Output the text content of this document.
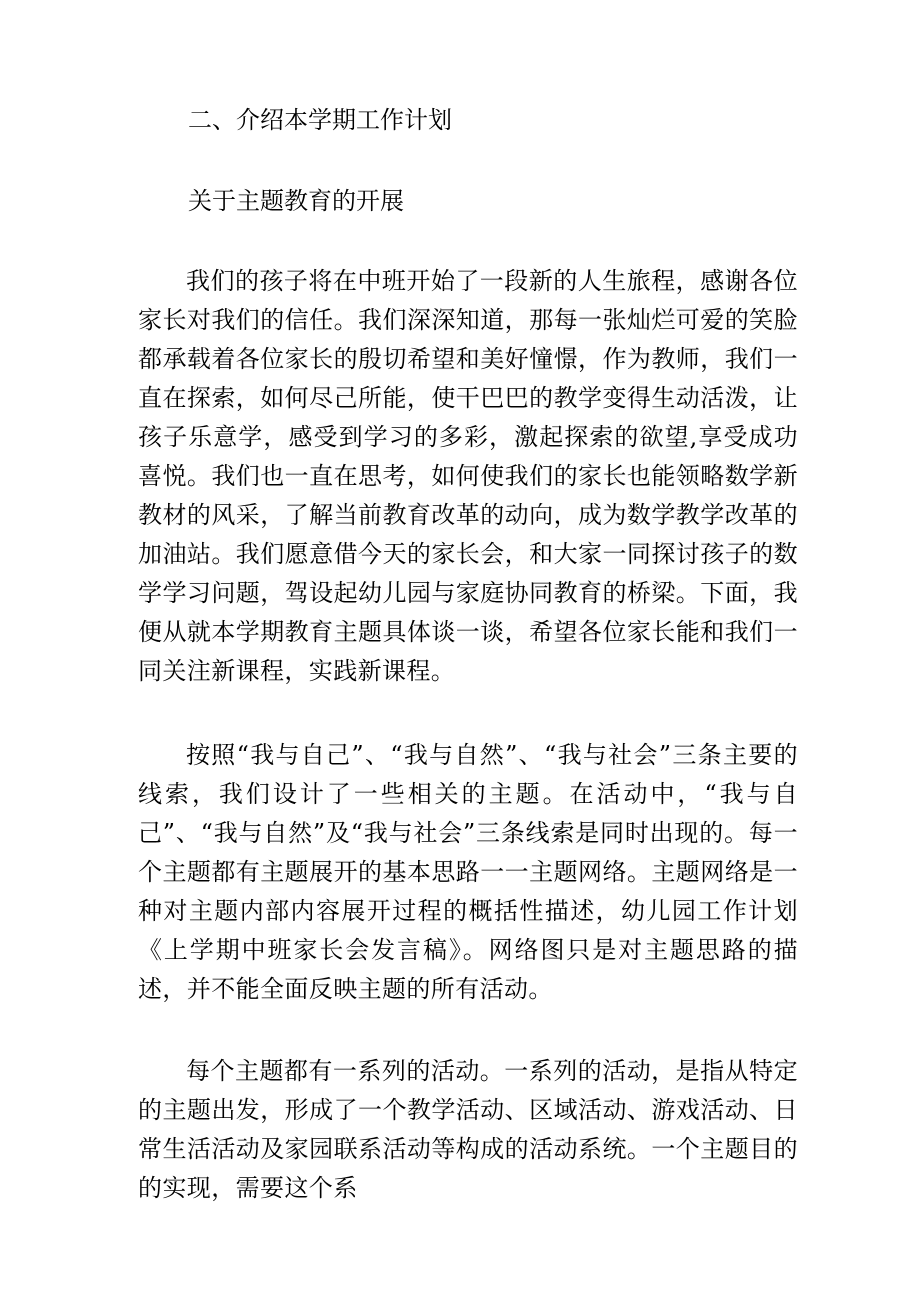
二、介绍本学期工作计划

关于主题教育的开展

我们的孩子将在中班开始了一段新的人生旅程，感谢各位家长对我们的信任。我们深深知道，那每一张灿烂可爱的笑脸都承载着各位家长的殷切希望和美好憧憬，作为教师，我们一直在探索，如何尽己所能，使干巴巴的教学变得生动活泼，让孩子乐意学，感受到学习的多彩，激起探索的欲望,享受成功喜悦。我们也一直在思考，如何使我们的家长也能领略数学新教材的风采，了解当前教育改革的动向，成为数学教学改革的加油站。我们愿意借今天的家长会，和大家一同探讨孩子的数学学习问题，驾设起幼儿园与家庭协同教育的桥梁。下面，我便从就本学期教育主题具体谈一谈，希望各位家长能和我们一同关注新课程，实践新课程。

按照“我与自己”、“我与自然”、“我与社会”三条主要的线索，我们设计了一些相关的主题。在活动中，“我与自己”、“我与自然”及“我与社会”三条线索是同时出现的。每一个主题都有主题展开的基本思路一一主题网络。主题网络是一种对主题内部内容展开过程的概括性描述，幼儿园工作计划《上学期中班家长会发言稿》。网络图只是对主题思路的描述，并不能全面反映主题的所有活动。

每个主题都有一系列的活动。一系列的活动，是指从特定的主题出发，形成了一个教学活动、区域活动、游戏活动、日常生活活动及家园联系活动等构成的活动系统。一个主题目的的实现，需要这个系
